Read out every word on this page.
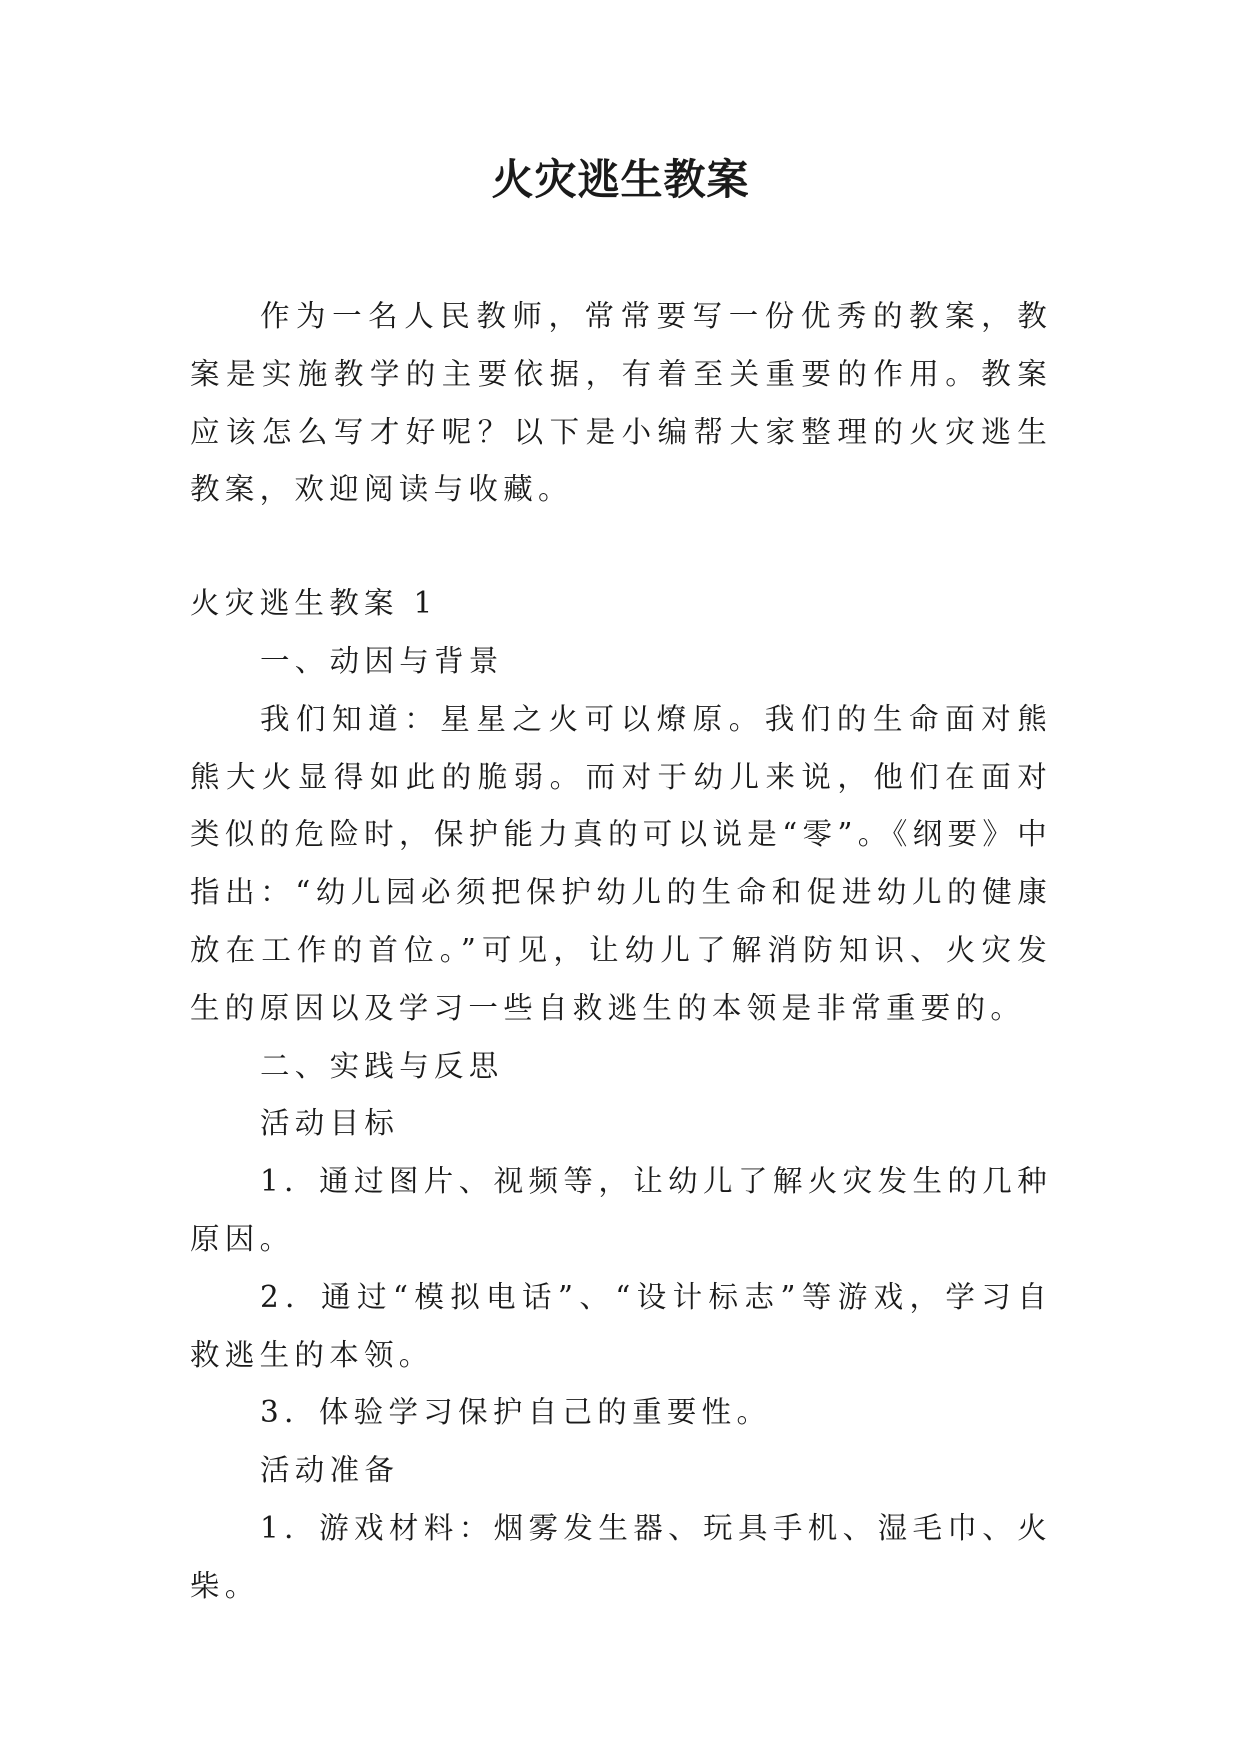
火灾逃生教案

作为一名人民教师，常常要写一份优秀的教案，教案是实施教学的主要依据，有着至关重要的作用。教案应该怎么写才好呢？以下是小编帮大家整理的火灾逃生教案，欢迎阅读与收藏。

火灾逃生教案 1

一、动因与背景

我们知道：星星之火可以燎原。我们的生命面对熊熊大火显得如此的脆弱。而对于幼儿来说，他们在面对类似的危险时，保护能力真的可以说是“零”。《纲要》中指出：“幼儿园必须把保护幼儿的生命和促进幼儿的健康放在工作的首位。”可见，让幼儿了解消防知识、火灾发生的原因以及学习一些自救逃生的本领是非常重要的。

二、实践与反思

活动目标

1．通过图片、视频等，让幼儿了解火灾发生的几种原因。

2．通过“模拟电话”、“设计标志”等游戏，学习自救逃生的本领。

3．体验学习保护自己的重要性。

活动准备

1．游戏材料：烟雾发生器、玩具手机、湿毛巾、火柴。
